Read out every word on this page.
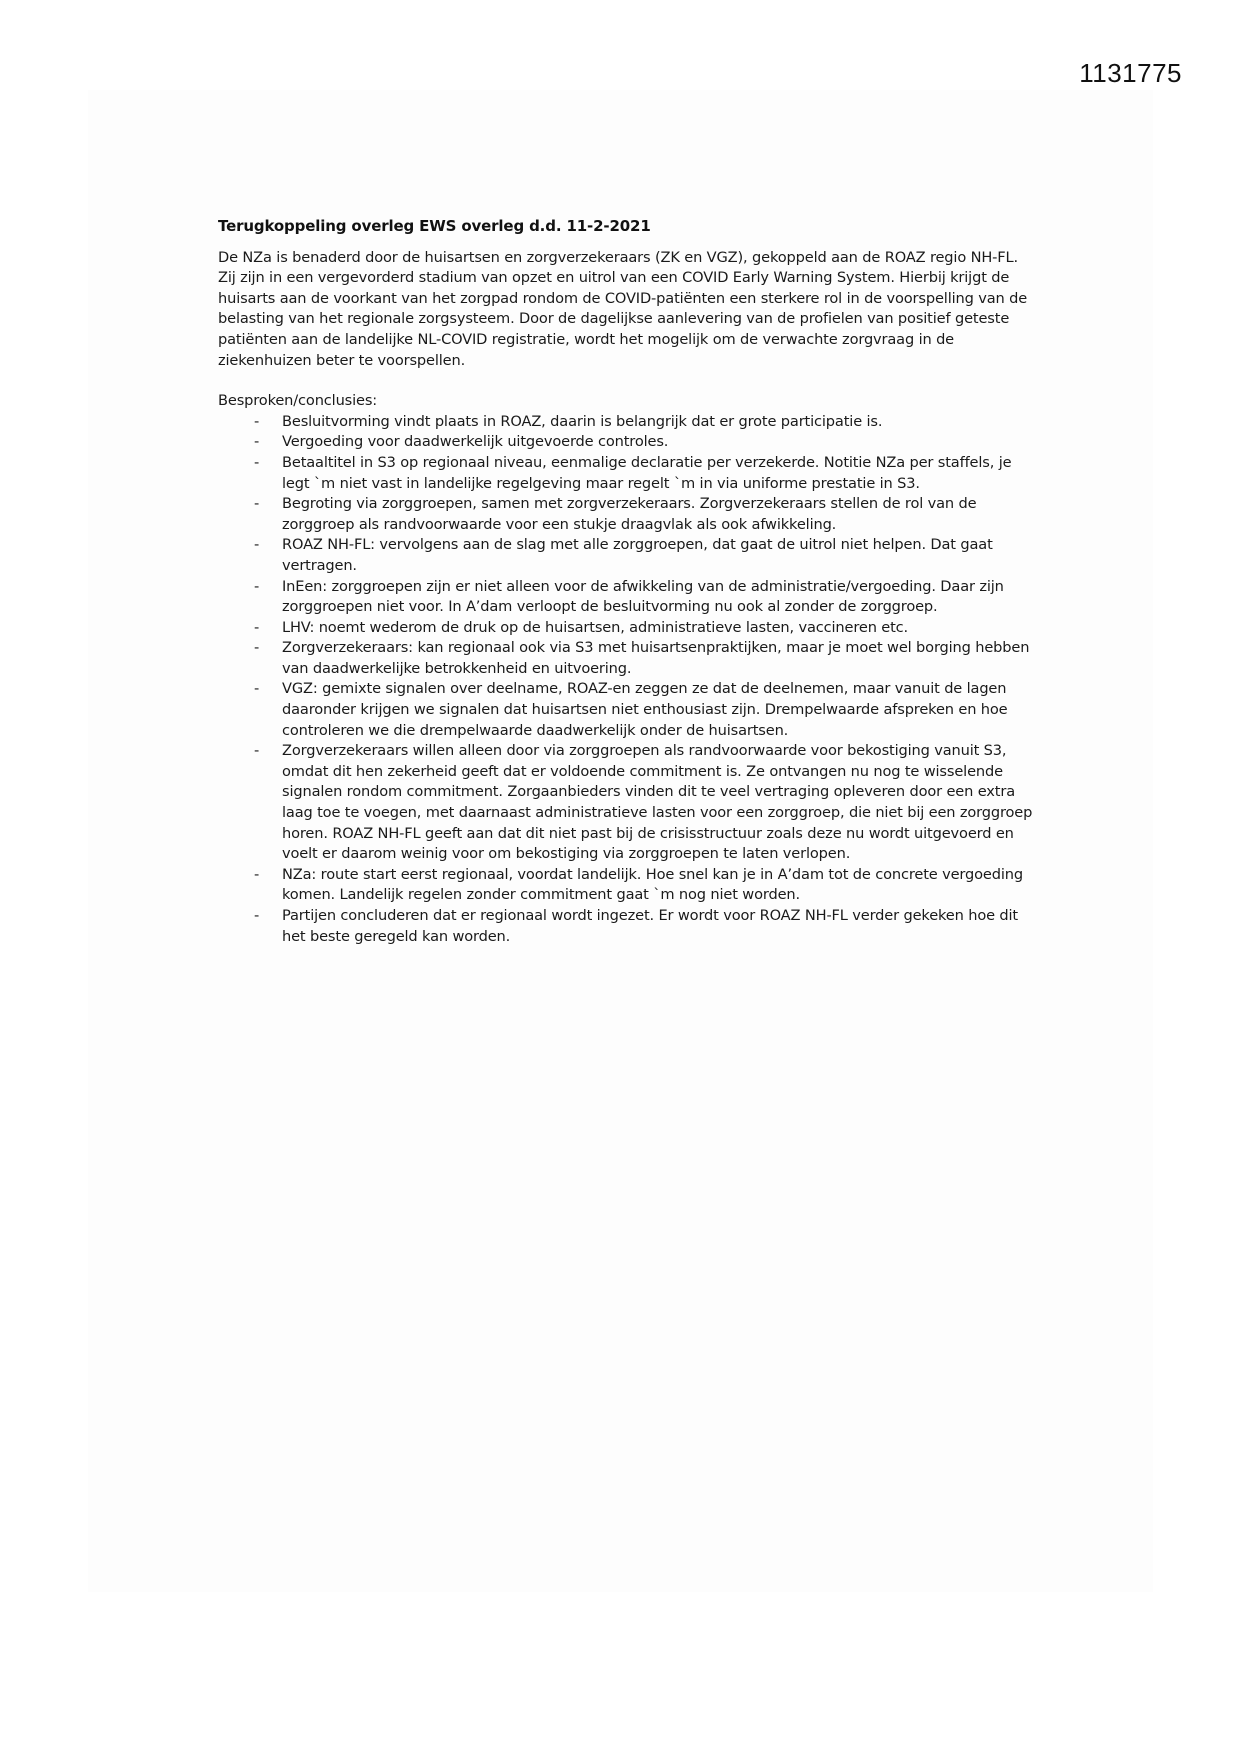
1131775
Terugkoppeling overleg EWS overleg d.d. 11-2-2021

De NZa is benaderd door de huisartsen en zorgverzekeraars (ZK en VGZ), gekoppeld aan de ROAZ regio NH-FL. Zij zijn in een vergevorderd stadium van opzet en uitrol van een COVID Early Warning System. Hierbij krijgt de huisarts aan de voorkant van het zorgpad rondom de COVID-patiënten een sterkere rol in de voorspelling van de belasting van het regionale zorgsysteem. Door de dagelijkse aanlevering van de profielen van positief geteste patiënten aan de landelijke NL-COVID registratie, wordt het mogelijk om de verwachte zorgvraag in de ziekenhuizen beter te voorspellen.

Besproken/conclusies:

- Besluitvorming vindt plaats in ROAZ, daarin is belangrijk dat er grote participatie is.
- Vergoeding voor daadwerkelijk uitgevoerde controles.
- Betaaltitel in S3 op regionaal niveau, eenmalige declaratie per verzekerde. Notitie NZa per staffels, je legt `m niet vast in landelijke regelgeving maar regelt `m in via uniforme prestatie in S3.
- Begroting via zorggroepen, samen met zorgverzekeraars. Zorgverzekeraars stellen de rol van de zorggroep als randvoorwaarde voor een stukje draagvlak als ook afwikkeling.
- ROAZ NH-FL: vervolgens aan de slag met alle zorggroepen, dat gaat de uitrol niet helpen. Dat gaat vertragen.
- InEen: zorggroepen zijn er niet alleen voor de afwikkeling van de administratie/vergoeding. Daar zijn zorggroepen niet voor. In A’dam verloopt de besluitvorming nu ook al zonder de zorggroep.
- LHV: noemt wederom de druk op de huisartsen, administratieve lasten, vaccineren etc.
- Zorgverzekeraars: kan regionaal ook via S3 met huisartsenpraktijken, maar je moet wel borging hebben van daadwerkelijke betrokkenheid en uitvoering.
- VGZ: gemixte signalen over deelname, ROAZ-en zeggen ze dat de deelnemen, maar vanuit de lagen daaronder krijgen we signalen dat huisartsen niet enthousiast zijn. Drempelwaarde afspreken en hoe controleren we die drempelwaarde daadwerkelijk onder de huisartsen.
- Zorgverzekeraars willen alleen door via zorggroepen als randvoorwaarde voor bekostiging vanuit S3, omdat dit hen zekerheid geeft dat er voldoende commitment is. Ze ontvangen nu nog te wisselende signalen rondom commitment. Zorgaanbieders vinden dit te veel vertraging opleveren door een extra laag toe te voegen, met daarnaast administratieve lasten voor een zorggroep, die niet bij een zorggroep horen. ROAZ NH-FL geeft aan dat dit niet past bij de crisisstructuur zoals deze nu wordt uitgevoerd en voelt er daarom weinig voor om bekostiging via zorggroepen te laten verlopen.
- NZa: route start eerst regionaal, voordat landelijk. Hoe snel kan je in A’dam tot de concrete vergoeding komen. Landelijk regelen zonder commitment gaat `m nog niet worden.
- Partijen concluderen dat er regionaal wordt ingezet. Er wordt voor ROAZ NH-FL verder gekeken hoe dit het beste geregeld kan worden.
